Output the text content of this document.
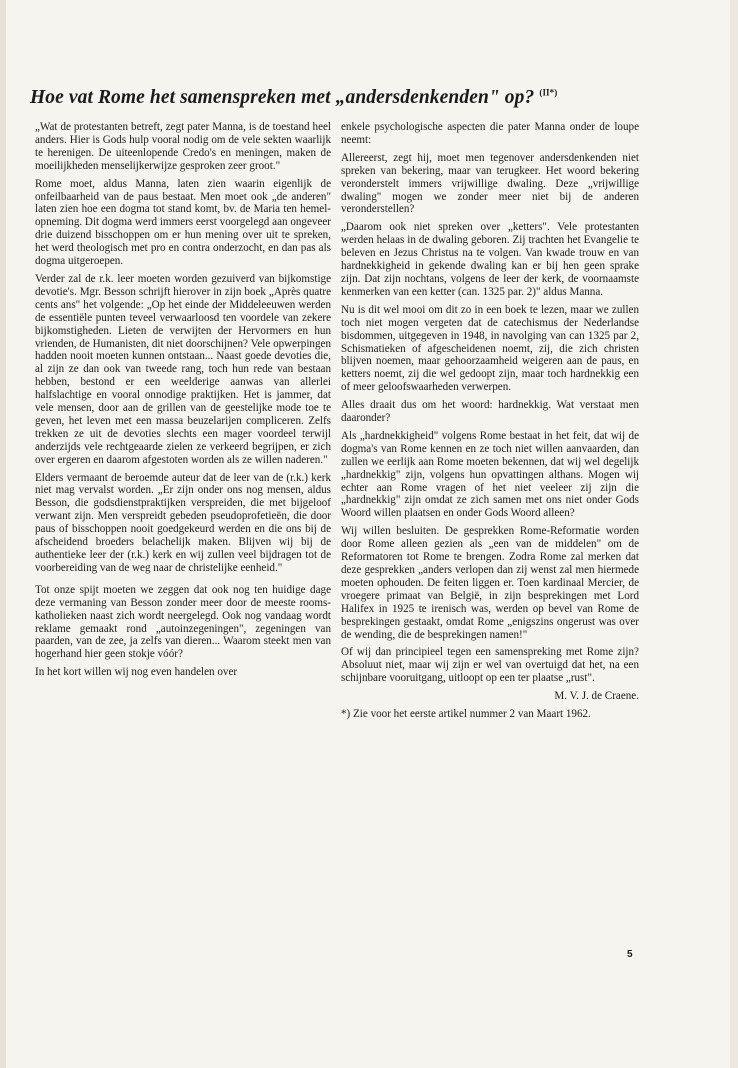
Hoe vat Rome het samenspreken met „andersdenkenden" op? $^{(II*)}$

„Wat de protestanten betreft, zegt pater Manna, is de toestand heel anders. Hier is Gods hulp vooral nodig om de vele sekten waarlijk te herenigen. De uiteenlopende Credo's en meningen, maken de moeilijkheden menselijkerwijze gesproken zeer groot."

Rome moet, aldus Manna, laten zien waarin eigenlijk de onfeilbaarheid van de paus bestaat. Men moet ook „de anderen" laten zien hoe een dogma tot stand komt, bv. de Maria ten hemel-opneming. Dit dogma werd immers eerst voorgelegd aan ongeveer drie duizend bisschoppen om er hun mening over uit te spreken, het werd theologisch met pro en contra onderzocht, en dan pas als dogma uitgeroepen.

Verder zal de r.k. leer moeten worden gezuiverd van bijkomstige devotie's. Mgr. Besson schrijft hierover in zijn boek „Après quatre cents ans" het volgende: „Op het einde der Middeleeuwen werden de essentiële punten teveel verwaarloosd ten voordele van zekere bijkomstigheden. Lieten de verwijten der Hervormers en hun vrienden, de Humanisten, dit niet doorschijnen? Vele opwerpingen hadden nooit moeten kunnen ontstaan... Naast goede devoties die, al zijn ze dan ook van tweede rang, toch hun rede van bestaan hebben, bestond er een weelderige aanwas van allerlei halfslachtige en vooral onnodige praktijken. Het is jammer, dat vele mensen, door aan de grillen van de geestelijke mode toe te geven, het leven met een massa beuzelarijen compliceren. Zelfs trekken ze uit de devoties slechts een mager voordeel terwijl anderzijds vele rechtgeaarde zielen ze verkeerd begrijpen, er zich over ergeren en daarom afgestoten worden als ze willen naderen."

Elders vermaant de beroemde auteur dat de leer van de (r.k.) kerk niet mag vervalst worden. „Er zijn onder ons nog mensen, aldus Besson, die godsdienstpraktijken verspreiden, die met bijgeloof verwant zijn. Men verspreidt gebeden pseudoprofetieën, die door paus of bisschoppen nooit goedgekeurd werden en die ons bij de afscheidend broeders belachelijk maken. Blijven wij bij de authentieke leer der (r.k.) kerk en wij zullen veel bijdragen tot de voorbereiding van de weg naar de christelijke eenheid."

Tot onze spijt moeten we zeggen dat ook nog ten huidige dage deze vermaning van Besson zonder meer door de meeste rooms-katholieken naast zich wordt neergelegd. Ook nog vandaag wordt reklame gemaakt rond „autoinzegeningen", zegeningen van paarden, van de zee, ja zelfs van dieren... Waarom steekt men van hogerhand hier geen stokje vóór?

In het kort willen wij nog even handelen over

enkele psychologische aspecten die pater Manna onder de loupe neemt:

Allereerst, zegt hij, moet men tegenover andersdenkenden niet spreken van bekering, maar van terugkeer. Het woord bekering veronderstelt immers vrijwillige dwaling. Deze „vrijwillige dwaling" mogen we zonder meer niet bij de anderen veronderstellen?

„Daarom ook niet spreken over „ketters". Vele protestanten werden helaas in de dwaling geboren. Zij trachten het Evangelie te beleven en Jezus Christus na te volgen. Van kwade trouw en van hardnekkigheid in gekende dwaling kan er bij hen geen sprake zijn. Dat zijn nochtans, volgens de leer der kerk, de voornaamste kenmerken van een ketter (can. 1325 par. 2)" aldus Manna.

Nu is dit wel mooi om dit zo in een boek te lezen, maar we zullen toch niet mogen vergeten dat de catechismus der Nederlandse bisdommen, uitgegeven in 1948, in navolging van can 1325 par 2, Schismatieken of afgescheidenen noemt, zij, die zich christen blijven noemen, maar gehoorzaamheid weigeren aan de paus, en ketters noemt, zij die wel gedoopt zijn, maar toch hardnekkig een of meer geloofswaarheden verwerpen.

Alles draait dus om het woord: hardnekkig. Wat verstaat men daaronder?

Als „hardnekkigheid" volgens Rome bestaat in het feit, dat wij de dogma's van Rome kennen en ze toch niet willen aanvaarden, dan zullen we eerlijk aan Rome moeten bekennen, dat wij wel degelijk „hardnekkig" zijn, volgens hun opvattingen althans. Mogen wij echter aan Rome vragen of het niet veeleer zij zijn die „hardnekkig" zijn omdat ze zich samen met ons niet onder Gods Woord willen plaatsen en onder Gods Woord alleen?

Wij willen besluiten. De gesprekken Rome-Reformatie worden door Rome alleen gezien als „een van de middelen" om de Reformatoren tot Rome te brengen. Zodra Rome zal merken dat deze gesprekken „anders verlopen dan zij wenst zal men hiermede moeten ophouden. De feiten liggen er. Toen kardinaal Mercier, de vroegere primaat van België, in zijn besprekingen met Lord Halifex in 1925 te irenisch was, werden op bevel van Rome de besprekingen gestaakt, omdat Rome „enigszins ongerust was over de wending, die de besprekingen namen!"

Of wij dan principieel tegen een samenspreking met Rome zijn? Absoluut niet, maar wij zijn er wel van overtuigd dat het, na een schijnbare vooruitgang, uitloopt op een ter plaatse „rust".

M. V. J. de Craene.

*) Zie voor het eerste artikel nummer 2 van Maart 1962.

5
